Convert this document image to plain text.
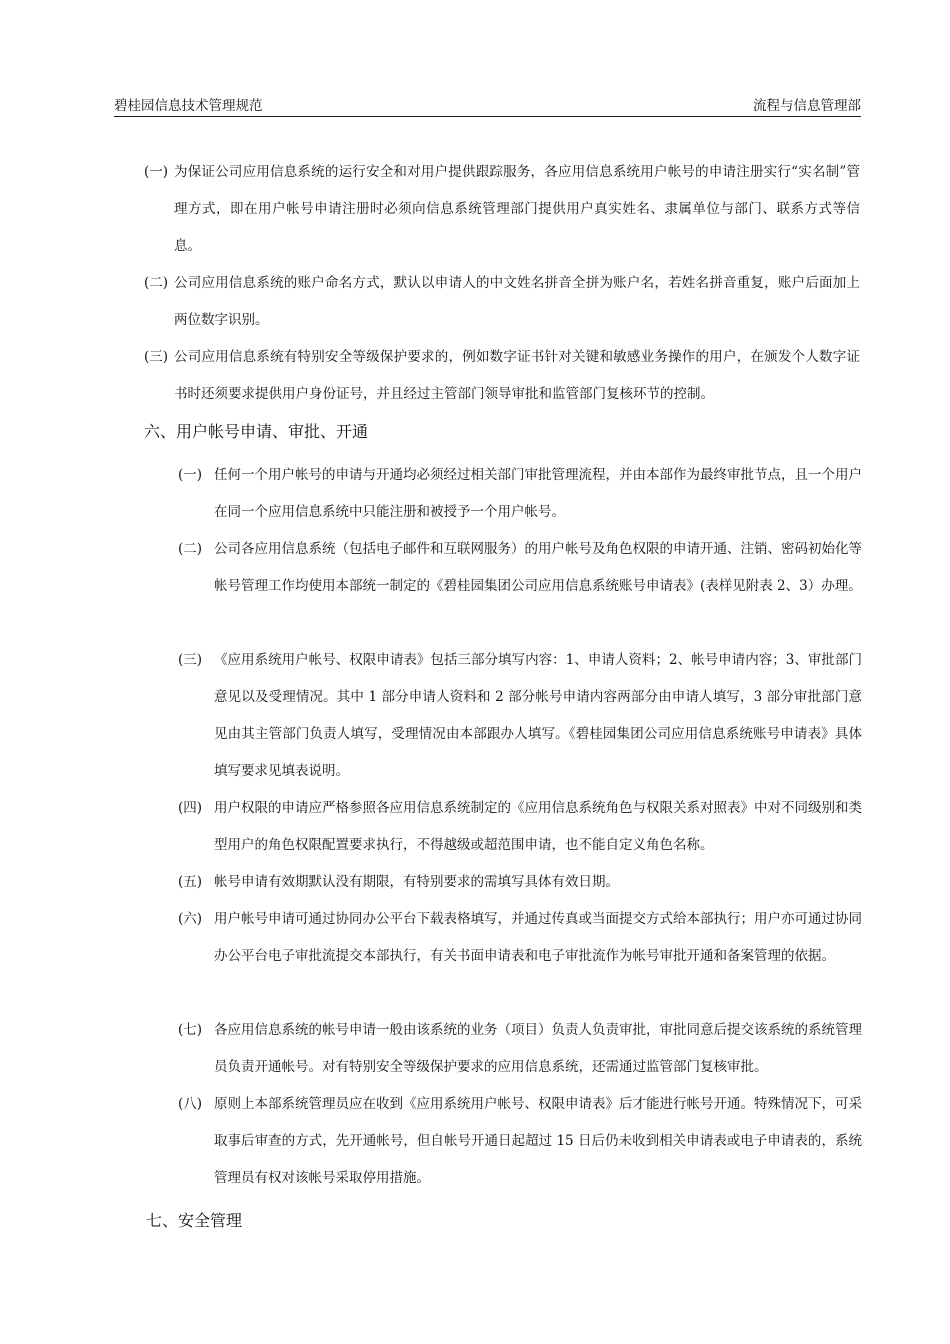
碧桂园信息技术管理规范	流程与信息管理部
(一) 为保证公司应用信息系统的运行安全和对用户提供跟踪服务，各应用信息系统用户帐号的申请注册实行“实名制”管理方式，即在用户帐号申请注册时必须向信息系统管理部门提供用户真实姓名、隶属单位与部门、联系方式等信息。
(二) 公司应用信息系统的账户命名方式，默认以申请人的中文姓名拼音全拼为账户名，若姓名拼音重复，账户后面加上两位数字识别。
(三) 公司应用信息系统有特别安全等级保护要求的，例如数字证书针对关键和敏感业务操作的用户，在颁发个人数字证书时还须要求提供用户身份证号，并且经过主管部门领导审批和监管部门复核环节的控制。
六、用户帐号申请、审批、开通
(一) 任何一个用户帐号的申请与开通均必须经过相关部门审批管理流程，并由本部作为最终审批节点，且一个用户在同一个应用信息系统中只能注册和被授予一个用户帐号。
(二) 公司各应用信息系统（包括电子邮件和互联网服务）的用户帐号及角色权限的申请开通、注销、密码初始化等帐号管理工作均使用本部统一制定的《碧桂园集团公司应用信息系统账号申请表》(表样见附表 2、3）办理。
(三) 《应用系统用户帐号、权限申请表》包括三部分填写内容：1、申请人资料；2、帐号申请内容；3、审批部门意见以及受理情况。其中 1 部分申请人资料和 2 部分帐号申请内容两部分由申请人填写，3 部分审批部门意见由其主管部门负责人填写，受理情况由本部跟办人填写。《碧桂园集团公司应用信息系统账号申请表》具体填写要求见填表说明。
(四) 用户权限的申请应严格参照各应用信息系统制定的《应用信息系统角色与权限关系对照表》中对不同级别和类型用户的角色权限配置要求执行，不得越级或超范围申请，也不能自定义角色名称。
(五) 帐号申请有效期默认没有期限，有特别要求的需填写具体有效日期。
(六) 用户帐号申请可通过协同办公平台下载表格填写，并通过传真或当面提交方式给本部执行；用户亦可通过协同办公平台电子审批流提交本部执行，有关书面申请表和电子审批流作为帐号审批开通和备案管理的依据。
(七) 各应用信息系统的帐号申请一般由该系统的业务（项目）负责人负责审批，审批同意后提交该系统的系统管理员负责开通帐号。对有特别安全等级保护要求的应用信息系统，还需通过监管部门复核审批。
(八) 原则上本部系统管理员应在收到《应用系统用户帐号、权限申请表》后才能进行帐号开通。特殊情况下，可采取事后审查的方式，先开通帐号，但自帐号开通日起超过 15 日后仍未收到相关申请表或电子申请表的，系统管理员有权对该帐号采取停用措施。
七、安全管理
